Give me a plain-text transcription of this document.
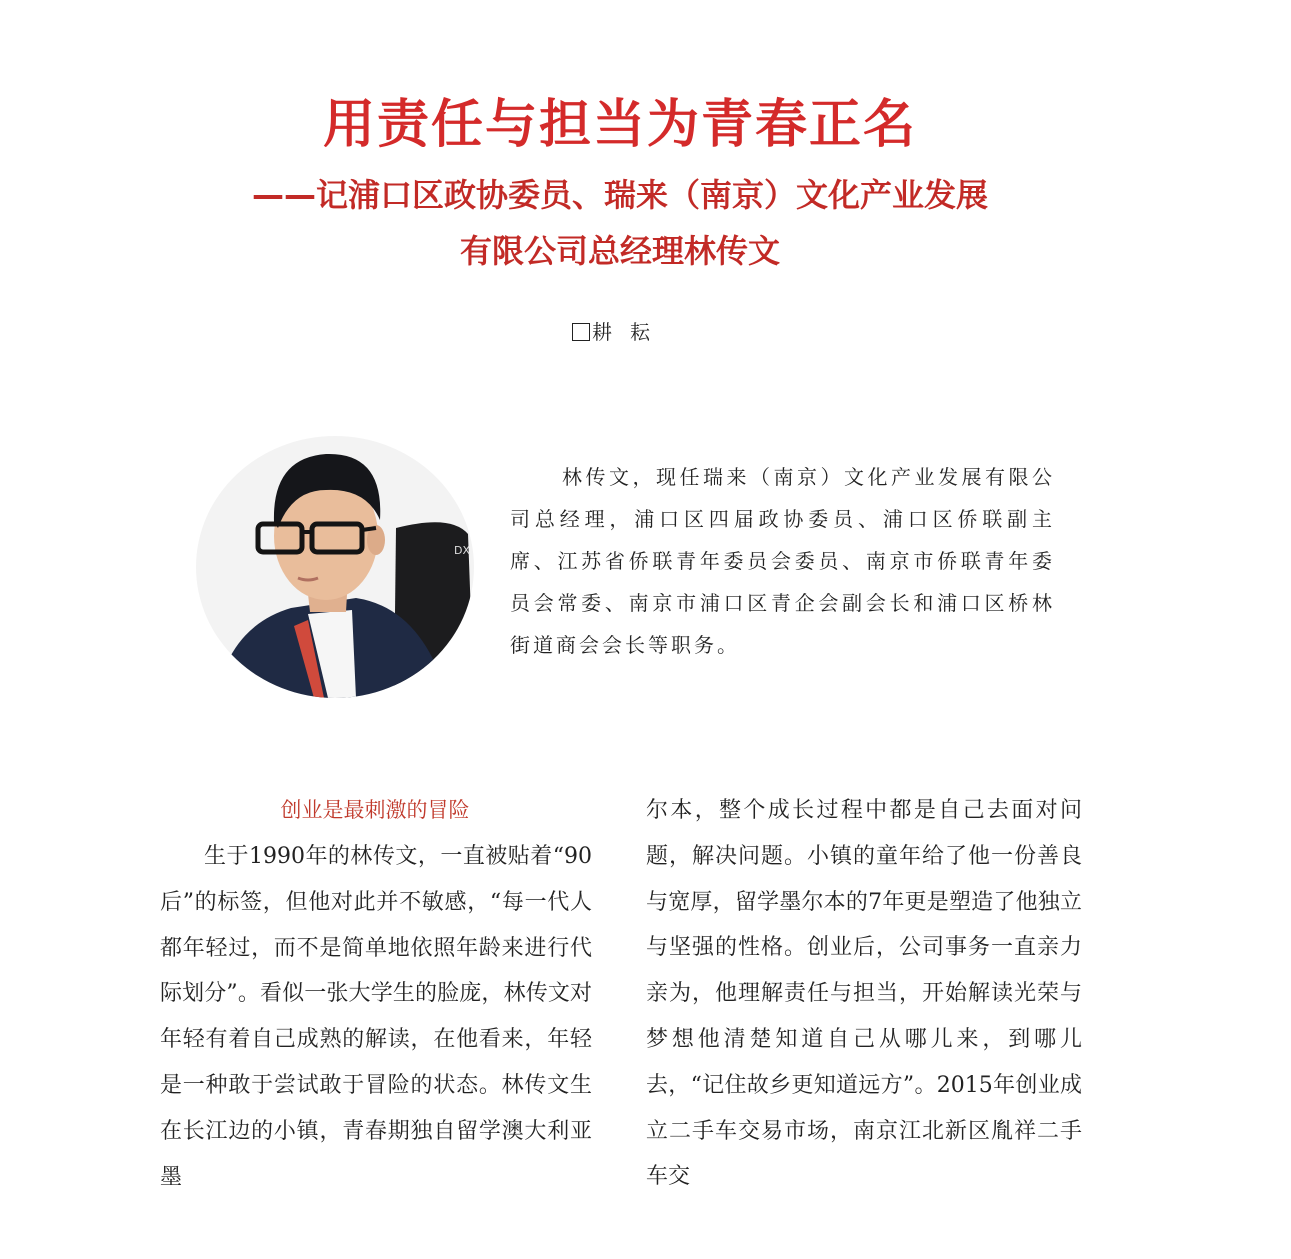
用责任与担当为青春正名
——记浦口区政协委员、瑞来（南京）文化产业发展
有限公司总经理林传文
耕耘
DX

林传文，现任瑞来（南京）文化产业发展有限公司总经理，浦口区四届政协委员、浦口区侨联副主席、江苏省侨联青年委员会委员、南京市侨联青年委员会常委、南京市浦口区青企会副会长和浦口区桥林街道商会会长等职务。

创业是最刺激的冒险

生于1990年的林传文，一直被贴着“90后”的标签，但他对此并不敏感，“每一代人都年轻过，而不是简单地依照年龄来进行代际划分”。看似一张大学生的脸庞，林传文对年轻有着自己成熟的解读，在他看来，年轻是一种敢于尝试敢于冒险的状态。林传文生在长江边的小镇，青春期独自留学澳大利亚墨

尔本，整个成长过程中都是自己去面对问题，解决问题。小镇的童年给了他一份善良与宽厚，留学墨尔本的7年更是塑造了他独立与坚强的性格。创业后，公司事务一直亲力亲为，他理解责任与担当，开始解读光荣与梦想他清楚知道自己从哪儿来，到哪儿去，“记住故乡更知道远方”。2015年创业成立二手车交易市场，南京江北新区胤祥二手车交
